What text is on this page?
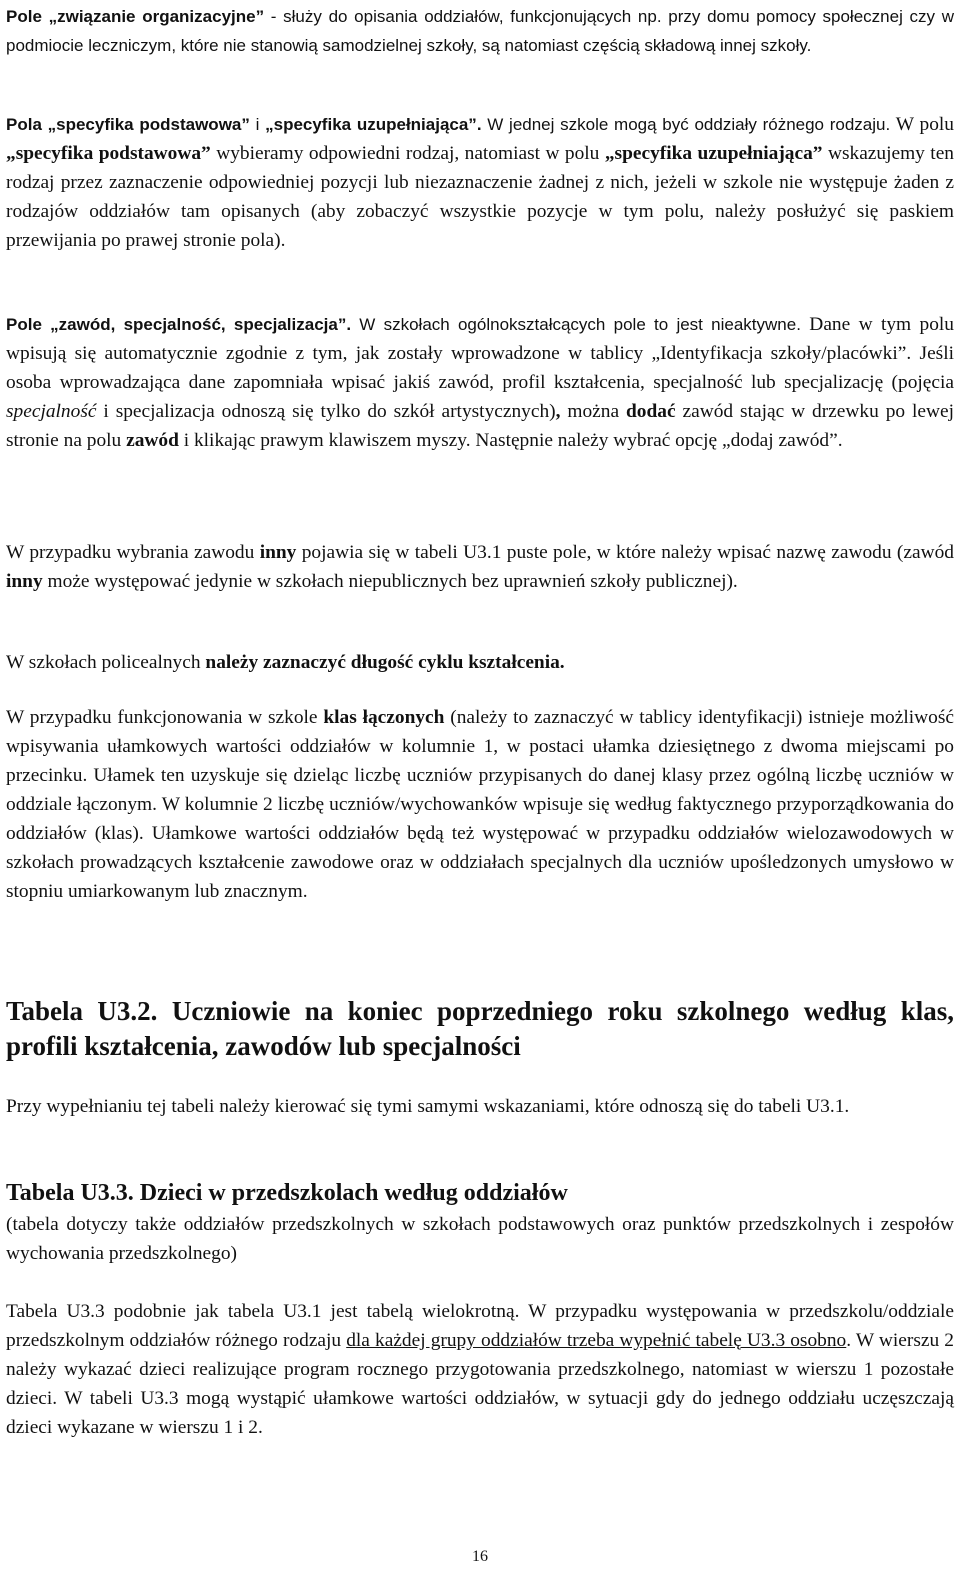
Pole „związanie organizacyjne” - służy do opisania oddziałów, funkcjonujących np. przy domu pomocy społecznej czy w podmiocie leczniczym, które nie stanowią samodzielnej szkoły, są natomiast częścią składową innej szkoły.

Pola „specyfika podstawowa” i „specyfika uzupełniająca”. W jednej szkole mogą być oddziały różnego rodzaju. W polu „specyfika podstawowa” wybieramy odpowiedni rodzaj, natomiast w polu „specyfika uzupełniająca” wskazujemy ten rodzaj przez zaznaczenie odpowiedniej pozycji lub niezaznaczenie żadnej z nich, jeżeli w szkole nie występuje żaden z rodzajów oddziałów tam opisanych (aby zobaczyć wszystkie pozycje w tym polu, należy posłużyć się paskiem przewijania po prawej stronie pola).

Pole „zawód, specjalność, specjalizacja”. W szkołach ogólnokształcących pole to jest nieaktywne. Dane w tym polu wpisują się automatycznie zgodnie z tym, jak zostały wprowadzone w tablicy „Identyfikacja szkoły/placówki”. Jeśli osoba wprowadzająca dane zapomniała wpisać jakiś zawód, profil kształcenia, specjalność lub specjalizację (pojęcia specjalność i specjalizacja odnoszą się tylko do szkół artystycznych), można dodać zawód stając w drzewku po lewej stronie na polu zawód i klikając prawym klawiszem myszy. Następnie należy wybrać opcję „dodaj zawód”.

W przypadku wybrania zawodu inny pojawia się w tabeli U3.1 puste pole, w które należy wpisać nazwę zawodu (zawód inny może występować jedynie w szkołach niepublicznych bez uprawnień szkoły publicznej).

W szkołach policealnych należy zaznaczyć długość cyklu kształcenia.

W przypadku funkcjonowania w szkole klas łączonych (należy to zaznaczyć w tablicy identyfikacji) istnieje możliwość wpisywania ułamkowych wartości oddziałów w kolumnie 1, w postaci ułamka dziesiętnego z dwoma miejscami po przecinku. Ułamek ten uzyskuje się dzieląc liczbę uczniów przypisanych do danej klasy przez ogólną liczbę uczniów w oddziale łączonym. W kolumnie 2 liczbę uczniów/wychowanków wpisuje się według faktycznego przyporządkowania do oddziałów (klas). Ułamkowe wartości oddziałów będą też występować w przypadku oddziałów wielozawodowych w szkołach prowadzących kształcenie zawodowe oraz w oddziałach specjalnych dla uczniów upośledzonych umysłowo w stopniu umiarkowanym lub znacznym.

Tabela U3.2. Uczniowie na koniec poprzedniego roku szkolnego według klas, profili kształcenia, zawodów lub specjalności

Przy wypełnianiu tej tabeli należy kierować się tymi samymi wskazaniami, które odnoszą się do tabeli U3.1.

Tabela U3.3. Dzieci w przedszkolach według oddziałów

(tabela dotyczy także oddziałów przedszkolnych w szkołach podstawowych oraz punktów przedszkolnych i zespołów wychowania przedszkolnego)

Tabela U3.3 podobnie jak tabela U3.1 jest tabelą wielokrotną. W przypadku występowania w przedszkolu/oddziale przedszkolnym oddziałów różnego rodzaju dla każdej grupy oddziałów trzeba wypełnić tabelę U3.3 osobno. W wierszu 2 należy wykazać dzieci realizujące program rocznego przygotowania przedszkolnego, natomiast w wierszu 1 pozostałe dzieci. W tabeli U3.3 mogą wystąpić ułamkowe wartości oddziałów, w sytuacji gdy do jednego oddziału uczęszczają dzieci wykazane w wierszu 1 i 2.

16
